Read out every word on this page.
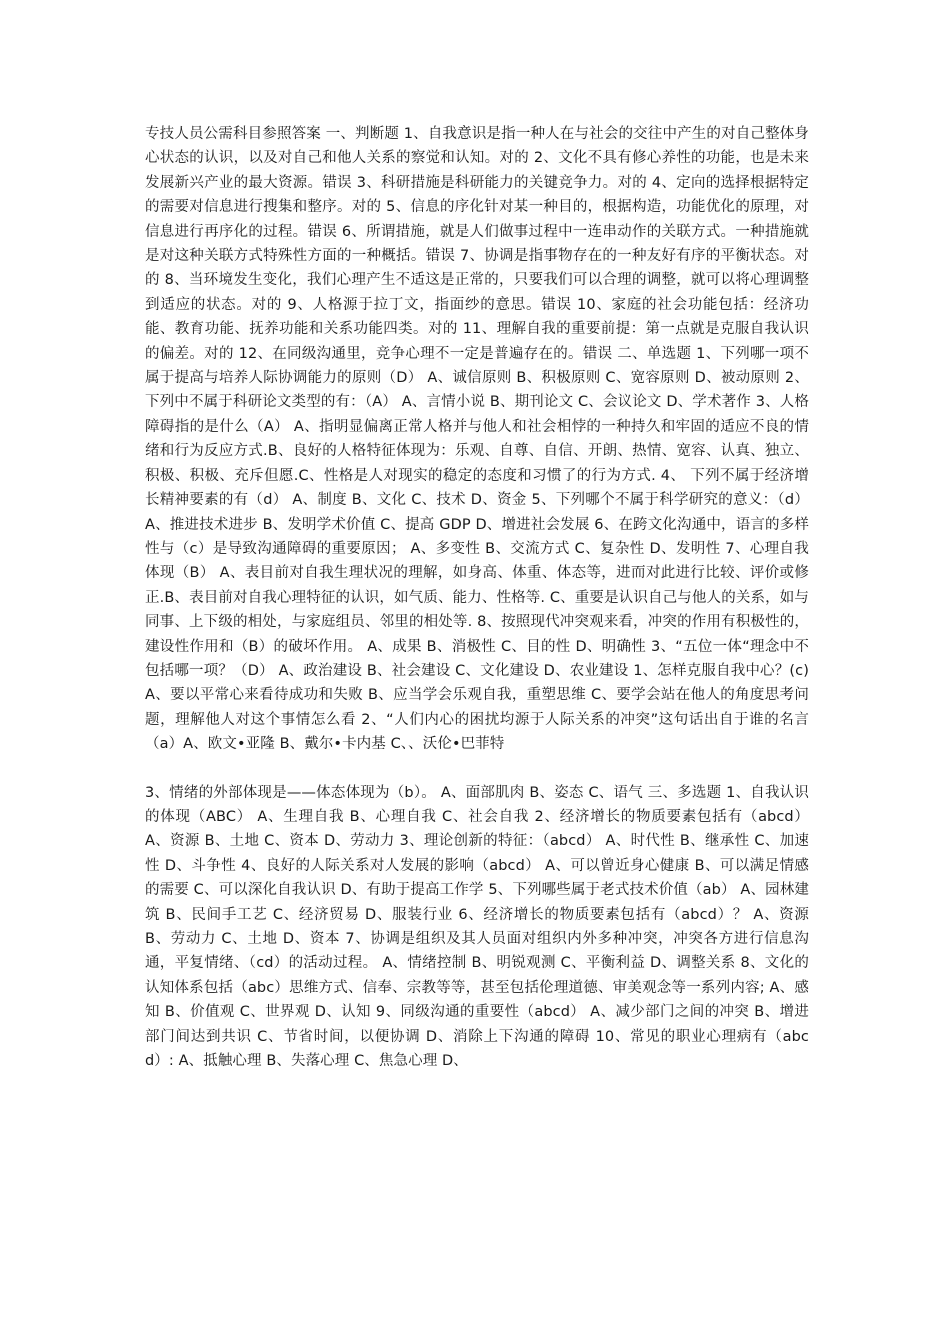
专技人员公需科目参照答案 一、判断题 1、自我意识是指一种人在与社会的交往中产生的对自己整体身心状态的认识，以及对自己和他人关系的察觉和认知。对的 2、文化不具有修心养性的功能，也是未来发展新兴产业的最大资源。错误 3、科研措施是科研能力的关键竞争力。对的 4、定向的选择根据特定的需要对信息进行搜集和整序。对的 5、信息的序化针对某一种目的，根据构造，功能优化的原理，对信息进行再序化的过程。错误 6、所谓措施，就是人们做事过程中一连串动作的关联方式。一种措施就是对这种关联方式特殊性方面的一种概括。错误 7、协调是指事物存在的一种友好有序的平衡状态。对的 8、当环境发生变化，我们心理产生不适这是正常的，只要我们可以合理的调整，就可以将心理调整到适应的状态。对的 9、人格源于拉丁文，指面纱的意思。错误 10、家庭的社会功能包括：经济功能、教育功能、抚养功能和关系功能四类。对的 11、理解自我的重要前提：第一点就是克服自我认识的偏差。对的 12、在同级沟通里，竞争心理不一定是普遍存在的。错误 二、单选题 1、下列哪一项不属于提高与培养人际协调能力的原则（D） A、诚信原则 B、积极原则 C、宽容原则 D、被动原则 2、下列中不属于科研论文类型的有：（A） A、言情小说 B、期刊论文 C、会议论文 D、学术著作 3、人格障碍指的是什么（A） A、指明显偏离正常人格并与他人和社会相悖的一种持久和牢固的适应不良的情绪和行为反应方式.B、良好的人格特征体现为：乐观、自尊、自信、开朗、热情、宽容、认真、独立、积极、积极、充斥但愿.C、性格是人对现实的稳定的态度和习惯了的行为方式. 4、 下列不属于经济增长精神要素的有（d） A、制度 B、文化 C、技术 D、资金 5、下列哪个不属于科学研究的意义：（d） A、推进技术进步 B、发明学术价值 C、提高 GDP D、增进社会发展 6、在跨文化沟通中，语言的多样性与（c）是导致沟通障碍的重要原因； A、多变性 B、交流方式 C、复杂性 D、发明性 7、心理自我体现（B） A、表目前对自我生理状况的理解，如身高、体重、体态等，进而对此进行比较、评价或修正.B、表目前对自我心理特征的认识，如气质、能力、性格等. C、重要是认识自己与他人的关系，如与同事、上下级的相处，与家庭组员、邻里的相处等. 8、按照现代冲突观来看，冲突的作用有积极性的，建设性作用和（B）的破坏作用。 A、成果 B、消极性 C、目的性 D、明确性 3、“五位一体“理念中不包括哪一项？（D） A、政治建设 B、社会建设 C、文化建设 D、农业建设 1、怎样克服自我中心？(c) A、要以平常心来看待成功和失败 B、应当学会乐观自我，重塑思维 C、要学会站在他人的角度思考问题，理解他人对这个事情怎么看 2、“人们内心的困扰均源于人际关系的冲突”这句话出自于谁的名言（a）A、欧文•亚隆 B、戴尔•卡内基 C、、沃伦•巴菲特

3、情绪的外部体现是——体态体现为（b）。 A、面部肌肉 B、姿态 C、语气 三、多选题 1、自我认识的体现（ABC） A、生理自我 B、心理自我 C、社会自我 2、经济增长的物质要素包括有（abcd） A、资源 B、土地 C、资本 D、劳动力 3、理论创新的特征：（abcd） A、时代性 B、继承性 C、加速性 D、斗争性 4、良好的人际关系对人发展的影响（abcd） A、可以曾近身心健康 B、可以满足情感的需要 C、可以深化自我认识 D、有助于提高工作学 5、下列哪些属于老式技术价值（ab） A、园林建筑 B、民间手工艺 C、经济贸易 D、服装行业 6、经济增长的物质要素包括有（abcd）？ A、资源 B、劳动力 C、土地 D、资本 7、协调是组织及其人员面对组织内外多种冲突，冲突各方进行信息沟通，平复情绪、（cd）的活动过程。 A、情绪控制 B、明锐观测 C、平衡利益 D、调整关系 8、文化的认知体系包括（abc）思维方式、信奉、宗教等等，甚至包括伦理道德、审美观念等一系列内容; A、感知 B、价值观 C、世界观 D、认知 9、同级沟通的重要性（abcd） A、减少部门之间的冲突 B、增进部门间达到共识 C、节省时间，以便协调 D、消除上下沟通的障碍 10、常见的职业心理病有（abcd）: A、抵触心理 B、失落心理 C、焦急心理 D、
